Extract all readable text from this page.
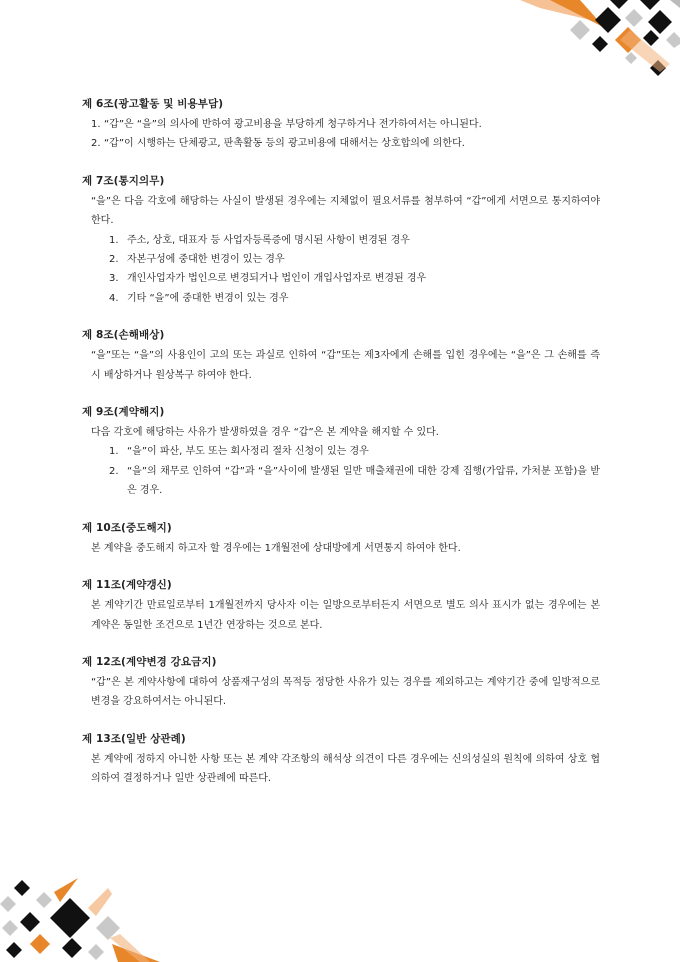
제 6조(광고활동 및 비용부담)
1. “갑”은 “을”의 의사에 반하여 광고비용을 부당하게 청구하거나 전가하여서는 아니된다.
2. “갑”이 시행하는 단체광고, 판촉활동 등의 광고비용에 대해서는 상호합의에 의한다.
제 7조(통지의무)

“을”은 다음 각호에 해당하는 사실이 발생된 경우에는 지체없이 필요서류를 첨부하여 “갑”에게 서면으로 통지하여야 한다.

1. 주소, 상호, 대표자 등 사업자등록증에 명시된 사항이 변경된 경우
2. 자본구성에 중대한 변경이 있는 경우
3. 개인사업자가 법인으로 변경되거나 법인이 개입사업자로 변경된 경우
4. 기타 “을”에 중대한 변경이 있는 경우
제 8조(손해배상)

“을”또는 “을”의 사용인이 고의 또는 과실로 인하여 “갑”또는 제3자에게 손해를 입힌 경우에는 “을”은 그 손해를 즉시 배상하거나 원상복구 하여야 한다.

제 9조(계약해지)

다음 각호에 해당하는 사유가 발생하였을 경우 “갑”은 본 계약을 해지할 수 있다.

1. “을”이 파산, 부도 또는 회사정리 절차 신청이 있는 경우
2. “을”의 채무로 인하여 “갑”과 “을”사이에 발생된 일반 매출채권에 대한 강제 집행(가압류, 가처분 포함)을 받은 경우.
제 10조(중도해지)

본 계약을 중도해지 하고자 할 경우에는 1개월전에 상대방에게 서면통지 하여야 한다.

제 11조(계약갱신)

본 계약기간 만료일로부터 1개월전까지 당사자 이는 일방으로부터든지 서면으로 별도 의사 표시가 없는 경우에는 본 계약은 동일한 조건으로 1년간 연장하는 것으로 본다.

제 12조(계약변경 강요금지)

“갑”은 본 계약사항에 대하여 상품재구성의 목적등 정당한 사유가 있는 경우를 제외하고는 계약기간 중에 일방적으로 변경을 강요하여서는 아니된다.

제 13조(일반 상관례)

본 계약에 정하지 아니한 사항 또는 본 계약 각조항의 해석상 의견이 다른 경우에는 신의성실의 원칙에 의하여 상호 협의하여 결정하거나 일반 상관례에 따른다.
